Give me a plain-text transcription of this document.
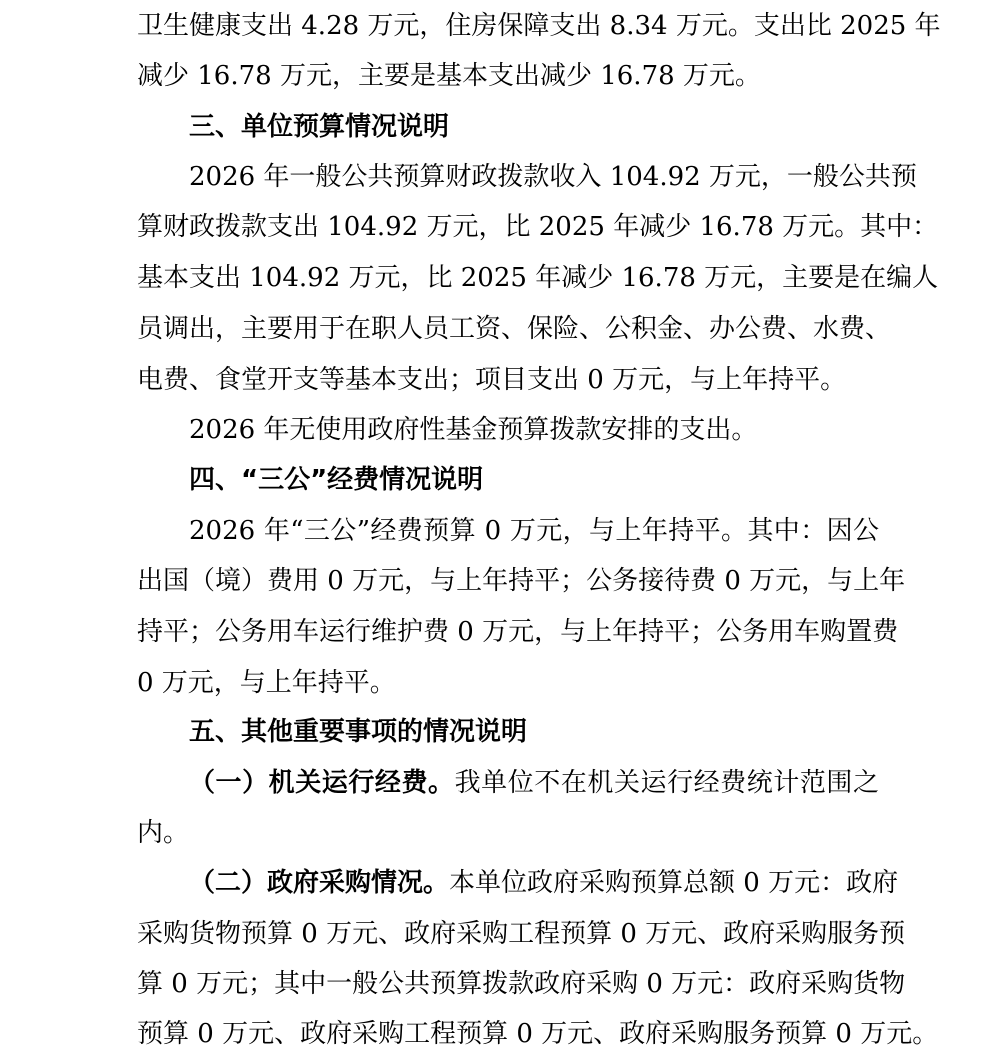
卫生健康支出 4.28 万元，住房保障支出 8.34 万元。支出比 2025 年
减少 16.78 万元，主要是基本支出减少 16.78 万元。
三、单位预算情况说明
2026 年一般公共预算财政拨款收入 104.92 万元，一般公共预
算财政拨款支出 104.92 万元，比 2025 年减少 16.78 万元。其中：
基本支出 104.92 万元，比 2025 年减少 16.78 万元，主要是在编人
员调出，主要用于在职人员工资、保险、公积金、办公费、水费、
电费、食堂开支等基本支出；项目支出 0 万元，与上年持平。
2026 年无使用政府性基金预算拨款安排的支出。
四、“三公”经费情况说明
2026 年“三公”经费预算 0 万元，与上年持平。其中：因公
出国（境）费用 0 万元，与上年持平；公务接待费 0 万元，与上年
持平；公务用车运行维护费 0 万元，与上年持平；公务用车购置费
0 万元，与上年持平。
五、其他重要事项的情况说明
（一）机关运行经费。我单位不在机关运行经费统计范围之
内。
（二）政府采购情况。本单位政府采购预算总额 0 万元：政府
采购货物预算 0 万元、政府采购工程预算 0 万元、政府采购服务预
算 0 万元；其中一般公共预算拨款政府采购 0 万元：政府采购货物
预算 0 万元、政府采购工程预算 0 万元、政府采购服务预算 0 万元。
